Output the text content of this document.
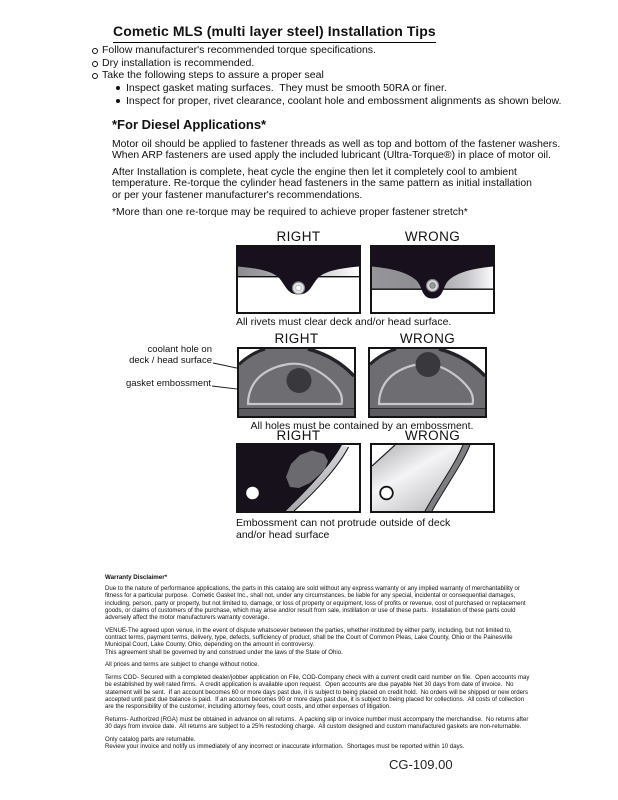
Cometic MLS (multi layer steel) Installation Tips
Follow manufacturer's recommended torque specifications.
Dry installation is recommended.
Take the following steps to assure a proper seal
Inspect gasket mating surfaces.  They must be smooth 50RA or finer.
Inspect for proper, rivet clearance, coolant hole and embossment alignments as shown below.
*For Diesel Applications*

Motor oil should be applied to fastener threads as well as top and bottom of the fastener washers.
When ARP fasteners are used apply the included lubricant (Ultra-Torque®) in place of motor oil.

After Installation is complete, heat cycle the engine then let it completely cool to ambient
temperature. Re-torque the cylinder head fasteners in the same pattern as initial installation
or per your fastener manufacturer's recommendations.

*More than one re-torque may be required to achieve proper fastener stretch*

RIGHT	WRONG
All rivets must clear deck and/or head surface.
RIGHT	WRONG
coolant hole on
deck / head surface
gasket embossment
All holes must be contained by an embossment.
RIGHT	WRONG
Embossment can not protrude outside of deck
and/or head surface
Warranty Disclaimer*
Due to the nature of performance applications, the parts in this catalog are sold without any express warranty or any implied warranty of merchantability or
fitness for a particular purpose.  Cometic Gasket Inc., shall not, under any circumstances, be liable for any special, incidental or consequential damages,
including, person, party or property, but not limited to, damage, or loss of property or equipment, loss of profits or revenue, cost of purchased or replacement
goods, or claims of customers of the purchase, which may arise and/or result from sale, instillation or use of these parts.  Installation of these parts could
adversely affect the motor manufacturers warranty coverage.
VENUE-The agreed upon venue, in the event of dispute whatsoever between the parties, whether instituted by either party, including, but not limited to,
contract terms, payment terms, delivery, type, defects, sufficiency of product, shall be the Court of Common Pleas, Lake County, Ohio or the Painesville
Municipal Court, Lake County, Ohio, depending on the amount in controversy.
This agreement shall be governed by and construed under the laws of the State of Ohio.
All prices and terms are subject to change without notice.
Terms COD- Secured with a completed dealer/jobber application on File, COD-Company check with a current credit card number on file.  Open accounts may
be established by well rated firms.  A credit application is available upon request.  Open accounts are due payable Net 30 days from date of invoice.  No
statement will be sent.  If an account becomes 60 or more days past due, it is subject to being placed on credit hold.  No orders will be shipped or new orders
accepted until past due balance is paid.  If an account becomes 90 or more days past due, it is subject to being placed for collections.  All costs of collection
are the responsibility of the customer, including attorney fees, court costs, and other expenses of litigation.
Returns- Authorized (RGA) must be obtained in advance on all returns.  A packing slip or invoice number must accompany the merchandise.  No returns after
30 days from invoice date.  All returns are subject to a 25% restocking charge.  All custom designed and custom manufactured gaskets are non-returnable.
Only catalog parts are returnable.
Review your invoice and notify us immediately of any incorrect or inaccurate information.  Shortages must be reported within 10 days.
CG-109.00
